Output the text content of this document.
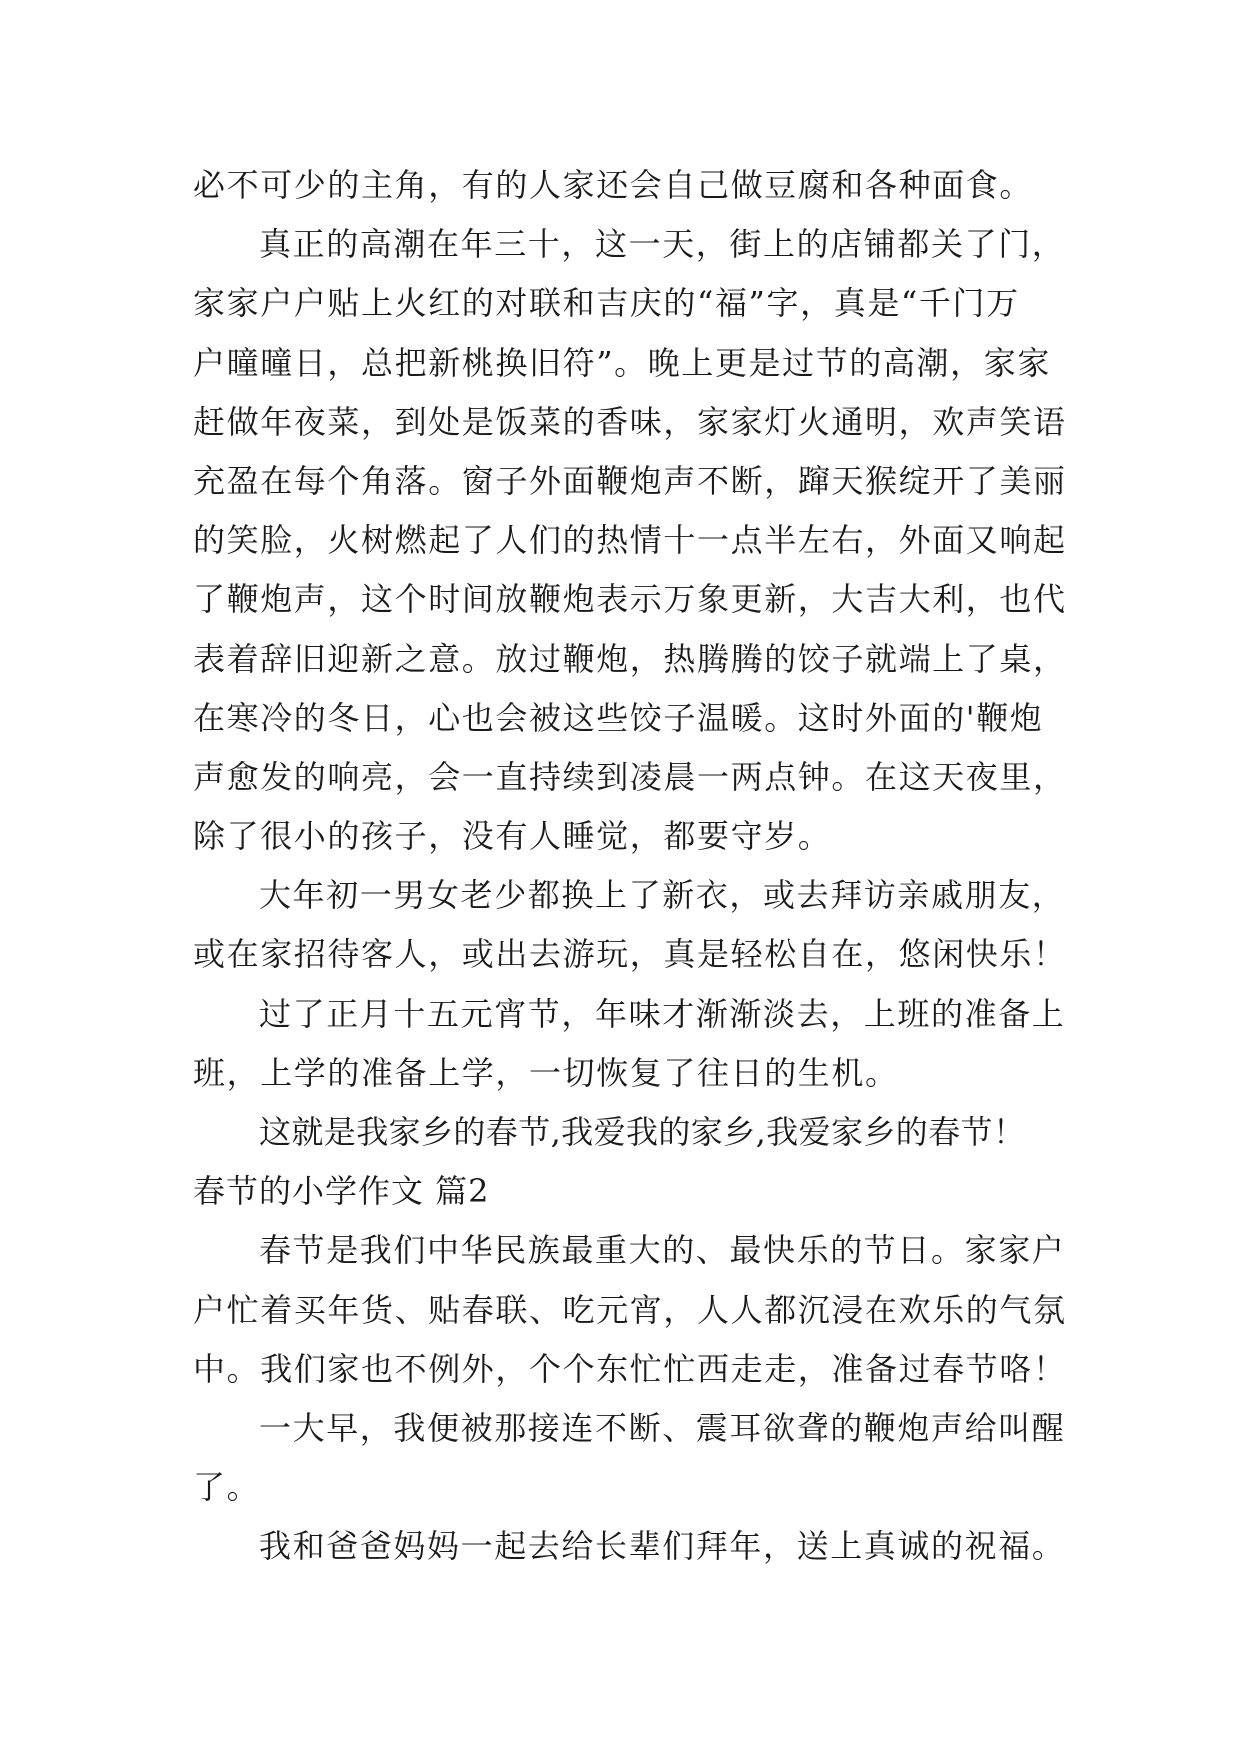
必不可少的主角，有的人家还会自己做豆腐和各种面食。
真正的高潮在年三十，这一天，街上的店铺都关了门，
家家户户贴上火红的对联和吉庆的“福”字，真是“千门万
户曈曈日，总把新桃换旧符”。晚上更是过节的高潮，家家
赶做年夜菜，到处是饭菜的香味，家家灯火通明，欢声笑语
充盈在每个角落。窗子外面鞭炮声不断，蹿天猴绽开了美丽
的笑脸，火树燃起了人们的热情十一点半左右，外面又响起
了鞭炮声，这个时间放鞭炮表示万象更新，大吉大利，也代
表着辞旧迎新之意。放过鞭炮，热腾腾的饺子就端上了桌，
在寒冷的冬日，心也会被这些饺子温暖。这时外面的'鞭炮
声愈发的响亮，会一直持续到凌晨一两点钟。在这天夜里，
除了很小的孩子，没有人睡觉，都要守岁。
大年初一男女老少都换上了新衣，或去拜访亲戚朋友，
或在家招待客人，或出去游玩，真是轻松自在，悠闲快乐！
过了正月十五元宵节，年味才渐渐淡去，上班的准备上
班，上学的准备上学，一切恢复了往日的生机。
这就是我家乡的春节,我爱我的家乡,我爱家乡的春节！
春节的小学作文 篇2
春节是我们中华民族最重大的、最快乐的节日。家家户
户忙着买年货、贴春联、吃元宵，人人都沉浸在欢乐的气氛
中。我们家也不例外，个个东忙忙西走走，准备过春节咯！
一大早，我便被那接连不断、震耳欲聋的鞭炮声给叫醒
了。
我和爸爸妈妈一起去给长辈们拜年，送上真诚的祝福。
